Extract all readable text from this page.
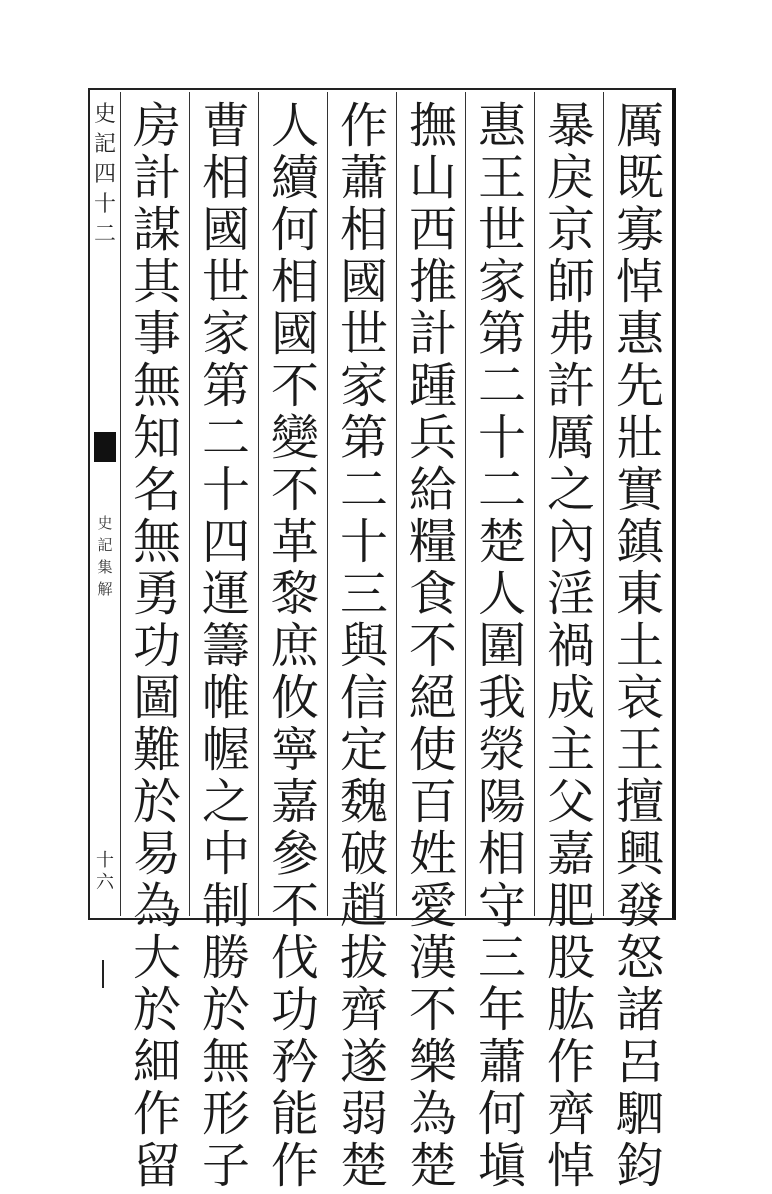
史記四十二
史記集解
十六
厲既寡悼惠先壯實鎮東土哀王擅興發怒諸呂駟鈞
暴戾京師弗許厲之內淫禍成主父嘉肥股肱作齊悼
惠王世家第二十二楚人圍我滎陽相守三年蕭何塡
撫山西推計踵兵給糧食不絕使百姓愛漢不樂為楚
作蕭相國世家第二十三與信定魏破趙拔齊遂弱楚
人續何相國不變不革黎庶攸寧嘉參不伐功矜能作
曹相國世家第二十四運籌帷幄之中制勝於無形子
房計謀其事無知名無勇功圖難於易為大於細作留
